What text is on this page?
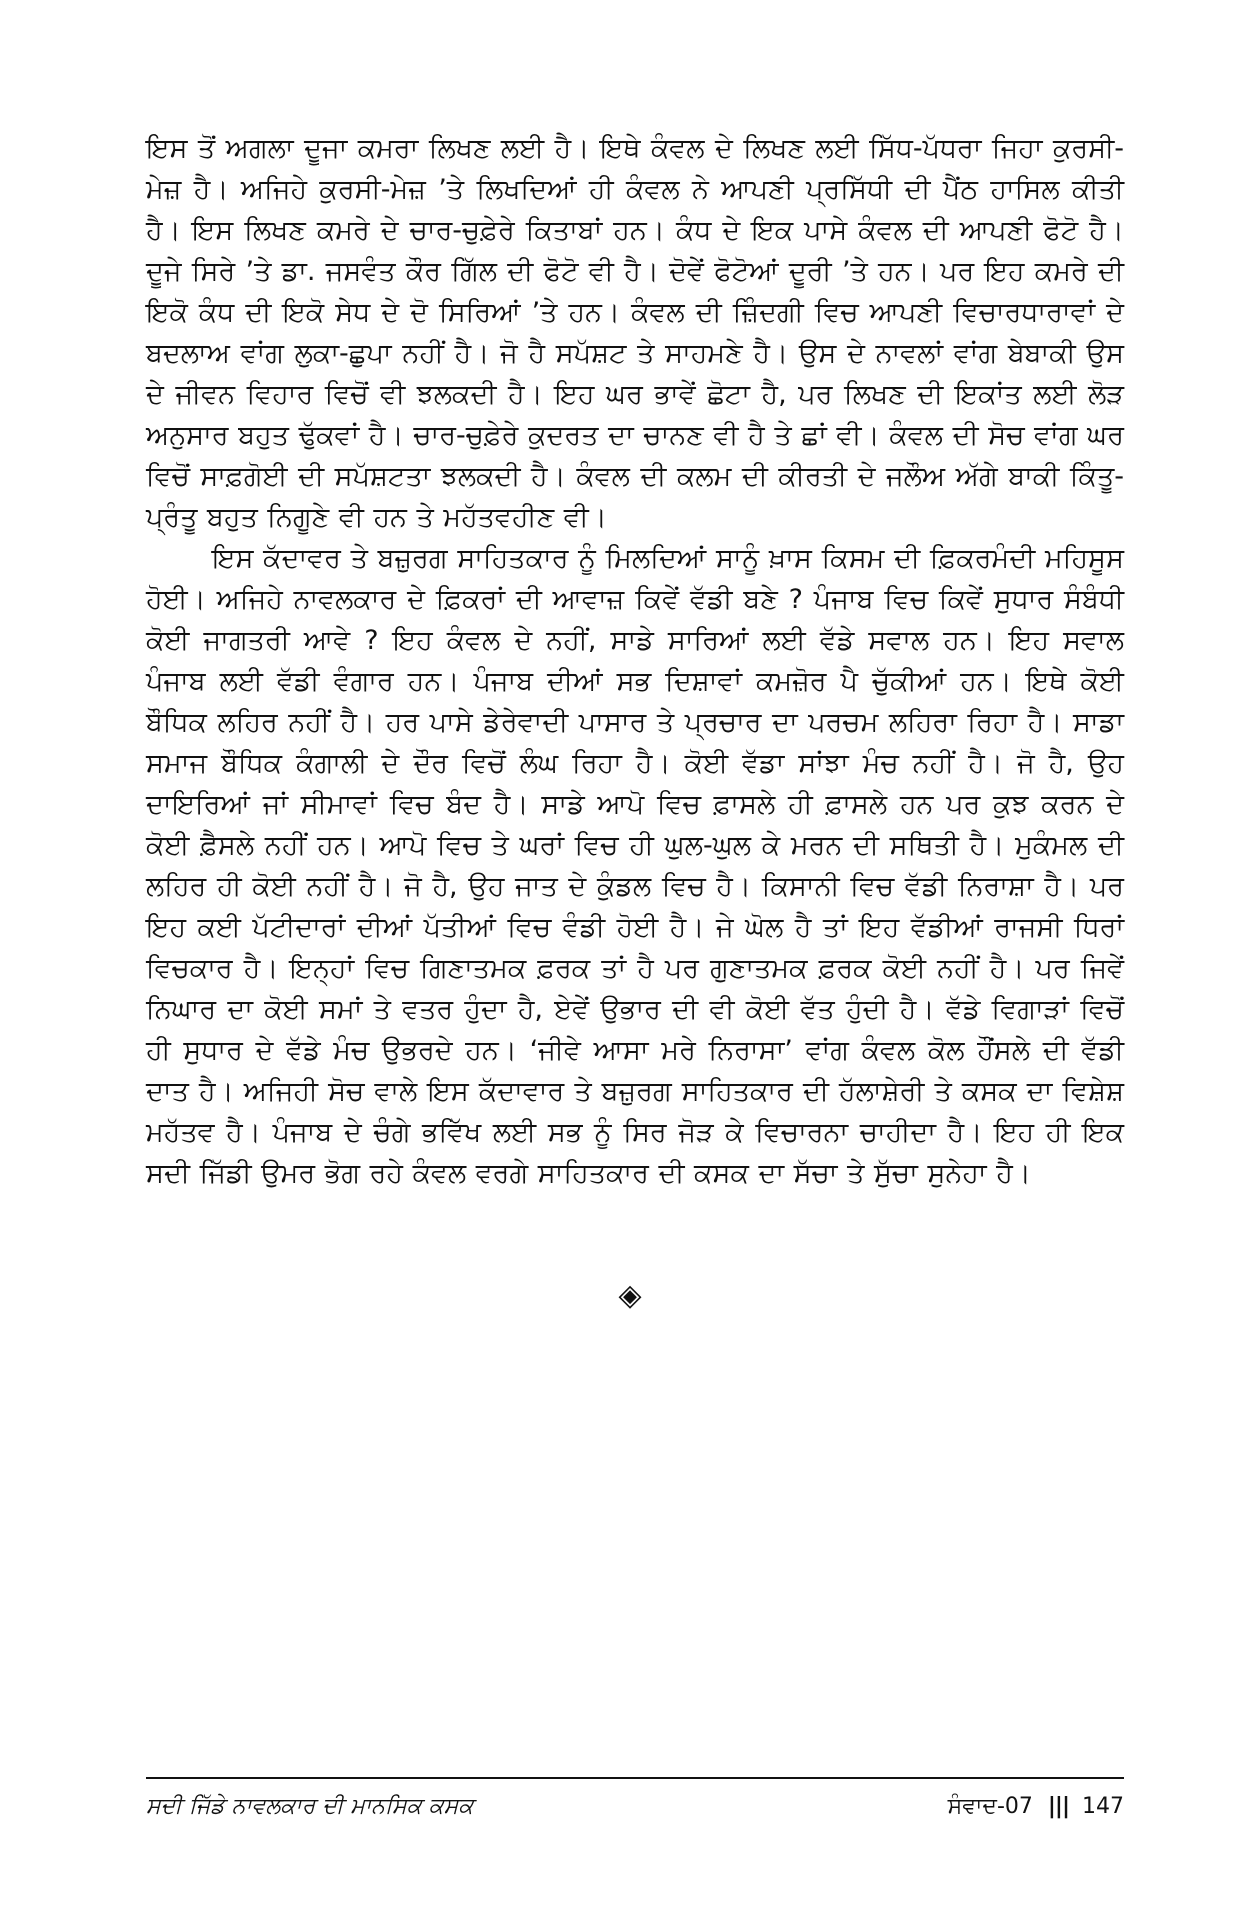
ਇਸ ਤੋਂ ਅਗਲਾ ਦੂਜਾ ਕਮਰਾ ਲਿਖਣ ਲਈ ਹੈ। ਇਥੇ ਕੰਵਲ ਦੇ ਲਿਖਣ ਲਈ ਸਿੱਧ-ਪੱਧਰਾ ਜਿਹਾ ਕੁਰਸੀ-ਮੇਜ਼ ਹੈ। ਅਜਿਹੇ ਕੁਰਸੀ-ਮੇਜ਼ ’ਤੇ ਲਿਖਦਿਆਂ ਹੀ ਕੰਵਲ ਨੇ ਆਪਣੀ ਪ੍ਰਸਿੱਧੀ ਦੀ ਪੈਂਠ ਹਾਸਿਲ ਕੀਤੀ ਹੈ। ਇਸ ਲਿਖਣ ਕਮਰੇ ਦੇ ਚਾਰ-ਚੁਫ਼ੇਰੇ ਕਿਤਾਬਾਂ ਹਨ। ਕੰਧ ਦੇ ਇਕ ਪਾਸੇ ਕੰਵਲ ਦੀ ਆਪਣੀ ਫੋਟੋ ਹੈ। ਦੂਜੇ ਸਿਰੇ ’ਤੇ ਡਾ. ਜਸਵੰਤ ਕੌਰ ਗਿੱਲ ਦੀ ਫੋਟੋ ਵੀ ਹੈ। ਦੋਵੇਂ ਫੋਟੋਆਂ ਦੂਰੀ ’ਤੇ ਹਨ। ਪਰ ਇਹ ਕਮਰੇ ਦੀ ਇਕੋ ਕੰਧ ਦੀ ਇਕੋ ਸੇਧ ਦੇ ਦੋ ਸਿਰਿਆਂ ’ਤੇ ਹਨ। ਕੰਵਲ ਦੀ ਜ਼ਿੰਦਗੀ ਵਿਚ ਆਪਣੀ ਵਿਚਾਰਧਾਰਾਵਾਂ ਦੇ ਬਦਲਾਅ ਵਾਂਗ ਲੁਕਾ-ਛੁਪਾ ਨਹੀਂ ਹੈ। ਜੋ ਹੈ ਸਪੱਸ਼ਟ ਤੇ ਸਾਹਮਣੇ ਹੈ। ਉਸ ਦੇ ਨਾਵਲਾਂ ਵਾਂਗ ਬੇਬਾਕੀ ਉਸ ਦੇ ਜੀਵਨ ਵਿਹਾਰ ਵਿਚੋਂ ਵੀ ਝਲਕਦੀ ਹੈ। ਇਹ ਘਰ ਭਾਵੇਂ ਛੋਟਾ ਹੈ, ਪਰ ਲਿਖਣ ਦੀ ਇਕਾਂਤ ਲਈ ਲੋੜ ਅਨੁਸਾਰ ਬਹੁਤ ਢੁੱਕਵਾਂ ਹੈ। ਚਾਰ-ਚੁਫ਼ੇਰੇ ਕੁਦਰਤ ਦਾ ਚਾਨਣ ਵੀ ਹੈ ਤੇ ਛਾਂ ਵੀ। ਕੰਵਲ ਦੀ ਸੋਚ ਵਾਂਗ ਘਰ ਵਿਚੋਂ ਸਾਫ਼ਗੋਈ ਦੀ ਸਪੱਸ਼ਟਤਾ ਝਲਕਦੀ ਹੈ। ਕੰਵਲ ਦੀ ਕਲਮ ਦੀ ਕੀਰਤੀ ਦੇ ਜਲੌਅ ਅੱਗੇ ਬਾਕੀ ਕਿੰਤੂ-ਪ੍ਰੰਤੂ ਬਹੁਤ ਨਿਗੂਣੇ ਵੀ ਹਨ ਤੇ ਮਹੱਤਵਹੀਣ ਵੀ।

ਇਸ ਕੱਦਾਵਰ ਤੇ ਬਜ਼ੁਰਗ ਸਾਹਿਤਕਾਰ ਨੂੰ ਮਿਲਦਿਆਂ ਸਾਨੂੰ ਖ਼ਾਸ ਕਿਸਮ ਦੀ ਫ਼ਿਕਰਮੰਦੀ ਮਹਿਸੂਸ ਹੋਈ। ਅਜਿਹੇ ਨਾਵਲਕਾਰ ਦੇ ਫ਼ਿਕਰਾਂ ਦੀ ਆਵਾਜ਼ ਕਿਵੇਂ ਵੱਡੀ ਬਣੇ ? ਪੰਜਾਬ ਵਿਚ ਕਿਵੇਂ ਸੁਧਾਰ ਸੰਬੰਧੀ ਕੋਈ ਜਾਗਤਰੀ ਆਵੇ ? ਇਹ ਕੰਵਲ ਦੇ ਨਹੀਂ, ਸਾਡੇ ਸਾਰਿਆਂ ਲਈ ਵੱਡੇ ਸਵਾਲ ਹਨ। ਇਹ ਸਵਾਲ ਪੰਜਾਬ ਲਈ ਵੱਡੀ ਵੰਗਾਰ ਹਨ। ਪੰਜਾਬ ਦੀਆਂ ਸਭ ਦਿਸ਼ਾਵਾਂ ਕਮਜ਼ੋਰ ਪੈ ਚੁੱਕੀਆਂ ਹਨ। ਇਥੇ ਕੋਈ ਬੌਧਿਕ ਲਹਿਰ ਨਹੀਂ ਹੈ। ਹਰ ਪਾਸੇ ਡੇਰੇਵਾਦੀ ਪਾਸਾਰ ਤੇ ਪ੍ਰਚਾਰ ਦਾ ਪਰਚਮ ਲਹਿਰਾ ਰਿਹਾ ਹੈ। ਸਾਡਾ ਸਮਾਜ ਬੌਧਿਕ ਕੰਗਾਲੀ ਦੇ ਦੌਰ ਵਿਚੋਂ ਲੰਘ ਰਿਹਾ ਹੈ। ਕੋਈ ਵੱਡਾ ਸਾਂਝਾ ਮੰਚ ਨਹੀਂ ਹੈ। ਜੋ ਹੈ, ਉਹ ਦਾਇਰਿਆਂ ਜਾਂ ਸੀਮਾਵਾਂ ਵਿਚ ਬੰਦ ਹੈ। ਸਾਡੇ ਆਪੋ ਵਿਚ ਫ਼ਾਸਲੇ ਹੀ ਫ਼ਾਸਲੇ ਹਨ ਪਰ ਕੁਝ ਕਰਨ ਦੇ ਕੋਈ ਫ਼ੈਸਲੇ ਨਹੀਂ ਹਨ। ਆਪੋ ਵਿਚ ਤੇ ਘਰਾਂ ਵਿਚ ਹੀ ਘੁਲ-ਘੁਲ ਕੇ ਮਰਨ ਦੀ ਸਥਿਤੀ ਹੈ। ਮੁਕੰਮਲ ਦੀ ਲਹਿਰ ਹੀ ਕੋਈ ਨਹੀਂ ਹੈ। ਜੋ ਹੈ, ਉਹ ਜਾਤ ਦੇ ਕੁੰਡਲ ਵਿਚ ਹੈ। ਕਿਸਾਨੀ ਵਿਚ ਵੱਡੀ ਨਿਰਾਸ਼ਾ ਹੈ। ਪਰ ਇਹ ਕਈ ਪੱਟੀਦਾਰਾਂ ਦੀਆਂ ਪੱਤੀਆਂ ਵਿਚ ਵੰਡੀ ਹੋਈ ਹੈ। ਜੇ ਘੋਲ ਹੈ ਤਾਂ ਇਹ ਵੱਡੀਆਂ ਰਾਜਸੀ ਧਿਰਾਂ ਵਿਚਕਾਰ ਹੈ। ਇਨ੍ਹਾਂ ਵਿਚ ਗਿਣਾਤਮਕ ਫ਼ਰਕ ਤਾਂ ਹੈ ਪਰ ਗੁਣਾਤਮਕ ਫ਼ਰਕ ਕੋਈ ਨਹੀਂ ਹੈ। ਪਰ ਜਿਵੇਂ ਨਿਘਾਰ ਦਾ ਕੋਈ ਸਮਾਂ ਤੇ ਵਤਰ ਹੁੰਦਾ ਹੈ, ਏਵੇਂ ਉਭਾਰ ਦੀ ਵੀ ਕੋਈ ਵੱਤ ਹੁੰਦੀ ਹੈ। ਵੱਡੇ ਵਿਗਾੜਾਂ ਵਿਚੋਂ ਹੀ ਸੁਧਾਰ ਦੇ ਵੱਡੇ ਮੰਚ ਉਭਰਦੇ ਹਨ। ‘ਜੀਵੇ ਆਸਾ ਮਰੇ ਨਿਰਾਸਾ’ ਵਾਂਗ ਕੰਵਲ ਕੋਲ ਹੌਂਸਲੇ ਦੀ ਵੱਡੀ ਦਾਤ ਹੈ। ਅਜਿਹੀ ਸੋਚ ਵਾਲੇ ਇਸ ਕੱਦਾਵਾਰ ਤੇ ਬਜ਼ੁਰਗ ਸਾਹਿਤਕਾਰ ਦੀ ਹੱਲਾਸ਼ੇਰੀ ਤੇ ਕਸਕ ਦਾ ਵਿਸ਼ੇਸ਼ ਮਹੱਤਵ ਹੈ। ਪੰਜਾਬ ਦੇ ਚੰਗੇ ਭਵਿੱਖ ਲਈ ਸਭ ਨੂੰ ਸਿਰ ਜੋੜ ਕੇ ਵਿਚਾਰਨਾ ਚਾਹੀਦਾ ਹੈ। ਇਹ ਹੀ ਇਕ ਸਦੀ ਜਿੱਡੀ ਉਮਰ ਭੋਗ ਰਹੇ ਕੰਵਲ ਵਰਗੇ ਸਾਹਿਤਕਾਰ ਦੀ ਕਸਕ ਦਾ ਸੱਚਾ ਤੇ ਸੁੱਚਾ ਸੁਨੇਹਾ ਹੈ।

◈
ਸਦੀ ਜਿੱਡੇ ਨਾਵਲਕਾਰ ਦੀ ਮਾਨਸਿਕ ਕਸਕ	ਸੰਵਾਦ-07 ||| 147
